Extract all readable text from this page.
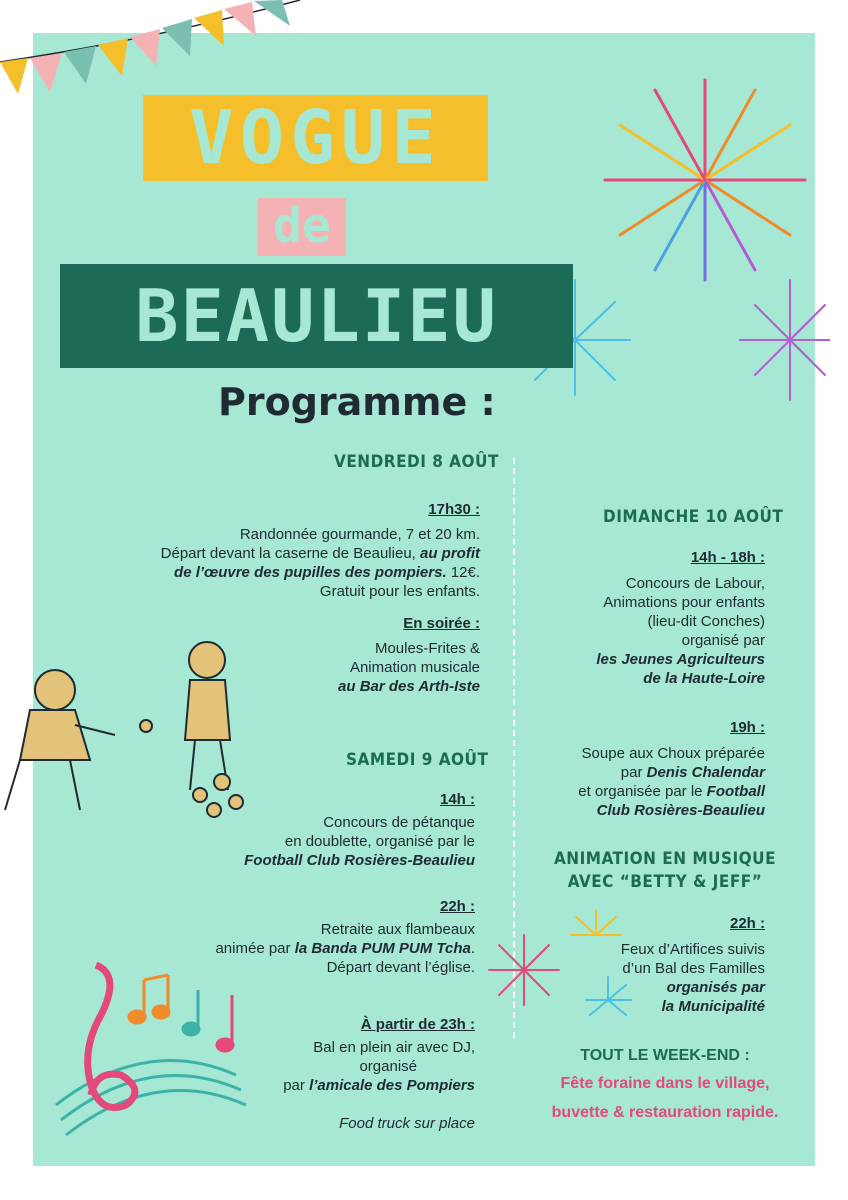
VOGUE
de
BEAULIEU
Programme :
VENDREDI 8 AOÛT
17h30 :
Randonnée gourmande, 7 et 20 km.
Départ devant la caserne de Beaulieu, au profit
de l’œuvre des pupilles des pompiers. 12€.
Gratuit pour les enfants.
En soirée :
Moules-Frites &
Animation musicale
au Bar des Arth-Iste
SAMEDI 9 AOÛT
14h :
Concours de pétanque
en doublette, organisé par le
Football Club Rosières-Beaulieu
22h :
Retraite aux flambeaux
animée par la Banda PUM PUM Tcha.
Départ devant l’église.
À partir de 23h :
Bal en plein air avec DJ,
organisé
par l’amicale des Pompiers
Food truck sur place
DIMANCHE 10 AOÛT
14h - 18h :
Concours de Labour,
Animations pour enfants
(lieu-dit Conches)
organisé par
les Jeunes Agriculteurs
de la Haute-Loire
19h :
Soupe aux Choux préparée
par Denis Chalendar
et organisée par le Football
Club Rosières-Beaulieu
ANIMATION EN MUSIQUE
AVEC “BETTY & JEFF”
22h :
Feux d’Artifices suivis
d’un Bal des Familles
organisés par
la Municipalité
TOUT LE WEEK-END :
Fête foraine dans le village,
buvette & restauration rapide.
